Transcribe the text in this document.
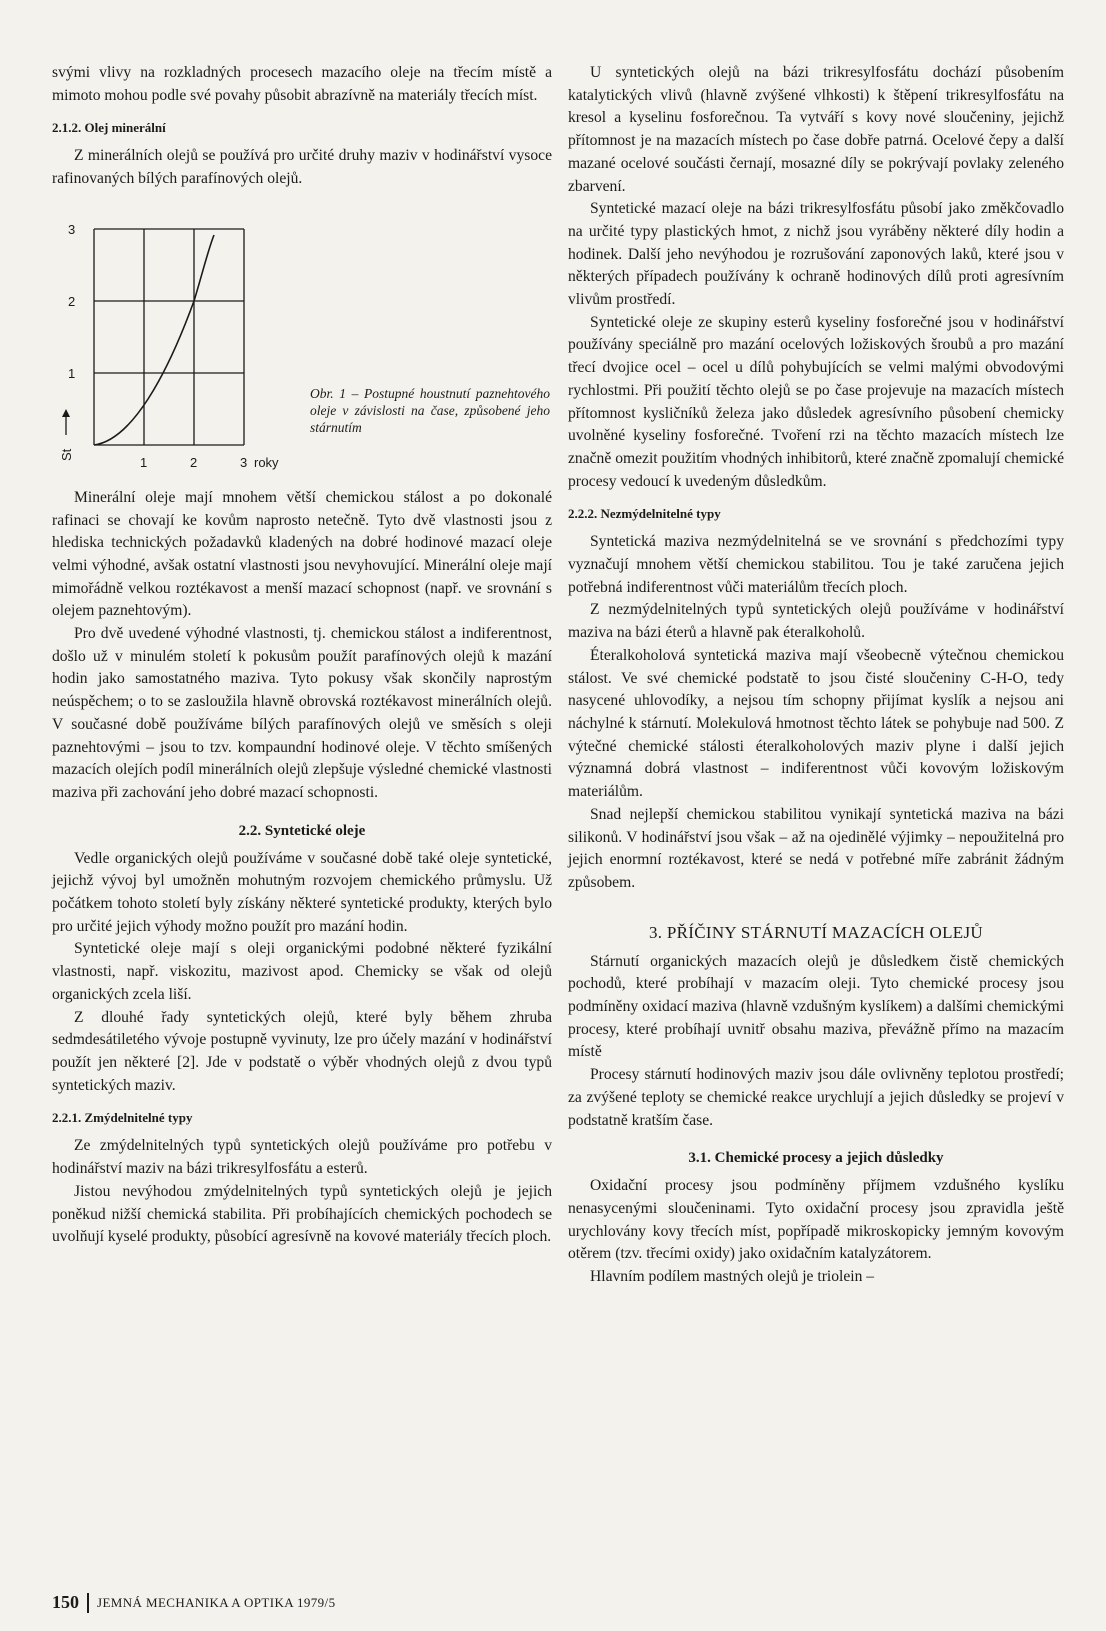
svými vlivy na rozkladných procesech mazacího oleje na třecím místě a mimoto mohou podle své povahy působit abrazívně na materiály třecích míst.

2.1.2. Olej minerální

Z minerálních olejů se používá pro určité druhy maziv v hodinářství vysoce rafinovaných bílých parafínových olejů.

3
2
1
St
1	2	3 roky
Obr. 1 – Postupné houstnutí paznehtového oleje v závislosti na čase, způsobené jeho stárnutím

Minerální oleje mají mnohem větší chemickou stálost a po dokonalé rafinaci se chovají ke kovům naprosto netečně. Tyto dvě vlastnosti jsou z hlediska technických požadavků kladených na dobré hodinové mazací oleje velmi výhodné, avšak ostatní vlastnosti jsou nevyhovující. Minerální oleje mají mimořádně velkou roztékavost a menší mazací schopnost (např. ve srovnání s olejem paznehtovým).

Pro dvě uvedené výhodné vlastnosti, tj. chemickou stálost a indiferentnost, došlo už v minulém století k pokusům použít parafínových olejů k mazání hodin jako samostatného maziva. Tyto pokusy však skončily naprostým neúspěchem; o to se zasloužila hlavně obrovská roztékavost minerálních olejů. V současné době používáme bílých parafínových olejů ve směsích s oleji paznehtovými – jsou to tzv. kompaundní hodinové oleje. V těchto smíšených mazacích olejích podíl minerálních olejů zlepšuje výsledné chemické vlastnosti maziva při zachování jeho dobré mazací schopnosti.

2.2. Syntetické oleje

Vedle organických olejů používáme v současné době také oleje syntetické, jejichž vývoj byl umožněn mohutným rozvojem chemického průmyslu. Už počátkem tohoto století byly získány některé syntetické produkty, kterých bylo pro určité jejich výhody možno použít pro mazání hodin.

Syntetické oleje mají s oleji organickými podobné některé fyzikální vlastnosti, např. viskozitu, mazivost apod. Chemicky se však od olejů organických zcela liší.

Z dlouhé řady syntetických olejů, které byly během zhruba sedmdesátiletého vývoje postupně vyvinuty, lze pro účely mazání v hodinářství použít jen některé [2]. Jde v podstatě o výběr vhodných olejů z dvou typů syntetických maziv.

2.2.1. Zmýdelnitelné typy

Ze zmýdelnitelných typů syntetických olejů používáme pro potřebu v hodinářství maziv na bázi trikresylfosfátu a esterů.

Jistou nevýhodou zmýdelnitelných typů syntetických olejů je jejich poněkud nižší chemická stabilita. Při probíhajících chemických pochodech se uvolňují kyselé produkty, působící agresívně na kovové materiály třecích ploch.

U syntetických olejů na bázi trikresylfosfátu dochází působením katalytických vlivů (hlavně zvýšené vlhkosti) k štěpení trikresylfosfátu na kresol a kyselinu fosforečnou. Ta vytváří s kovy nové sloučeniny, jejichž přítomnost je na mazacích místech po čase dobře patrná. Ocelové čepy a další mazané ocelové součásti černají, mosazné díly se pokrývají povlaky zeleného zbarvení.

Syntetické mazací oleje na bázi trikresylfosfátu působí jako změkčovadlo na určité typy plastických hmot, z nichž jsou vyráběny některé díly hodin a hodinek. Další jeho nevýhodou je rozrušování zaponových laků, které jsou v některých případech používány k ochraně hodinových dílů proti agresívním vlivům prostředí.

Syntetické oleje ze skupiny esterů kyseliny fosforečné jsou v hodinářství používány speciálně pro mazání ocelových ložiskových šroubů a pro mazání třecí dvojice ocel – ocel u dílů pohybujících se velmi malými obvodovými rychlostmi. Při použití těchto olejů se po čase projevuje na mazacích místech přítomnost kysličníků železa jako důsledek agresívního působení chemicky uvolněné kyseliny fosforečné. Tvoření rzi na těchto mazacích místech lze značně omezit použitím vhodných inhibitorů, které značně zpomalují chemické procesy vedoucí k uvedeným důsledkům.

2.2.2. Nezmýdelnitelné typy

Syntetická maziva nezmýdelnitelná se ve srovnání s předchozími typy vyznačují mnohem větší chemickou stabilitou. Tou je také zaručena jejich potřebná indiferentnost vůči materiálům třecích ploch.

Z nezmýdelnitelných typů syntetických olejů používáme v hodinářství maziva na bázi éterů a hlavně pak éteralkoholů.

Éteralkoholová syntetická maziva mají všeobecně výtečnou chemickou stálost. Ve své chemické podstatě to jsou čisté sloučeniny C-H-O, tedy nasycené uhlovodíky, a nejsou tím schopny přijímat kyslík a nejsou ani náchylné k stárnutí. Molekulová hmotnost těchto látek se pohybuje nad 500. Z výtečné chemické stálosti éteralkoholových maziv plyne i další jejich významná dobrá vlastnost – indiferentnost vůči kovovým ložiskovým materiálům.

Snad nejlepší chemickou stabilitou vynikají syntetická maziva na bázi silikonů. V hodinářství jsou však – až na ojedinělé výjimky – nepoužitelná pro jejich enormní roztékavost, které se nedá v potřebné míře zabránit žádným způsobem.

3. PŘÍČINY STÁRNUTÍ MAZACÍCH OLEJŮ

Stárnutí organických mazacích olejů je důsledkem čistě chemických pochodů, které probíhají v mazacím oleji. Tyto chemické procesy jsou podmíněny oxidací maziva (hlavně vzdušným kyslíkem) a dalšími chemickými procesy, které probíhají uvnitř obsahu maziva, převážně přímo na mazacím místě

Procesy stárnutí hodinových maziv jsou dále ovlivněny teplotou prostředí; za zvýšené teploty se chemické reakce urychlují a jejich důsledky se projeví v podstatně kratším čase.

3.1. Chemické procesy a jejich důsledky

Oxidační procesy jsou podmíněny příjmem vzdušného kyslíku nenasycenými sloučeninami. Tyto oxidační procesy jsou zpravidla ještě urychlovány kovy třecích míst, popřípadě mikroskopicky jemným kovovým otěrem (tzv. třecími oxidy) jako oxidačním katalyzátorem.

Hlavním podílem mastných olejů je triolein –

150 JEMNÁ MECHANIKA A OPTIKA 1979/5
